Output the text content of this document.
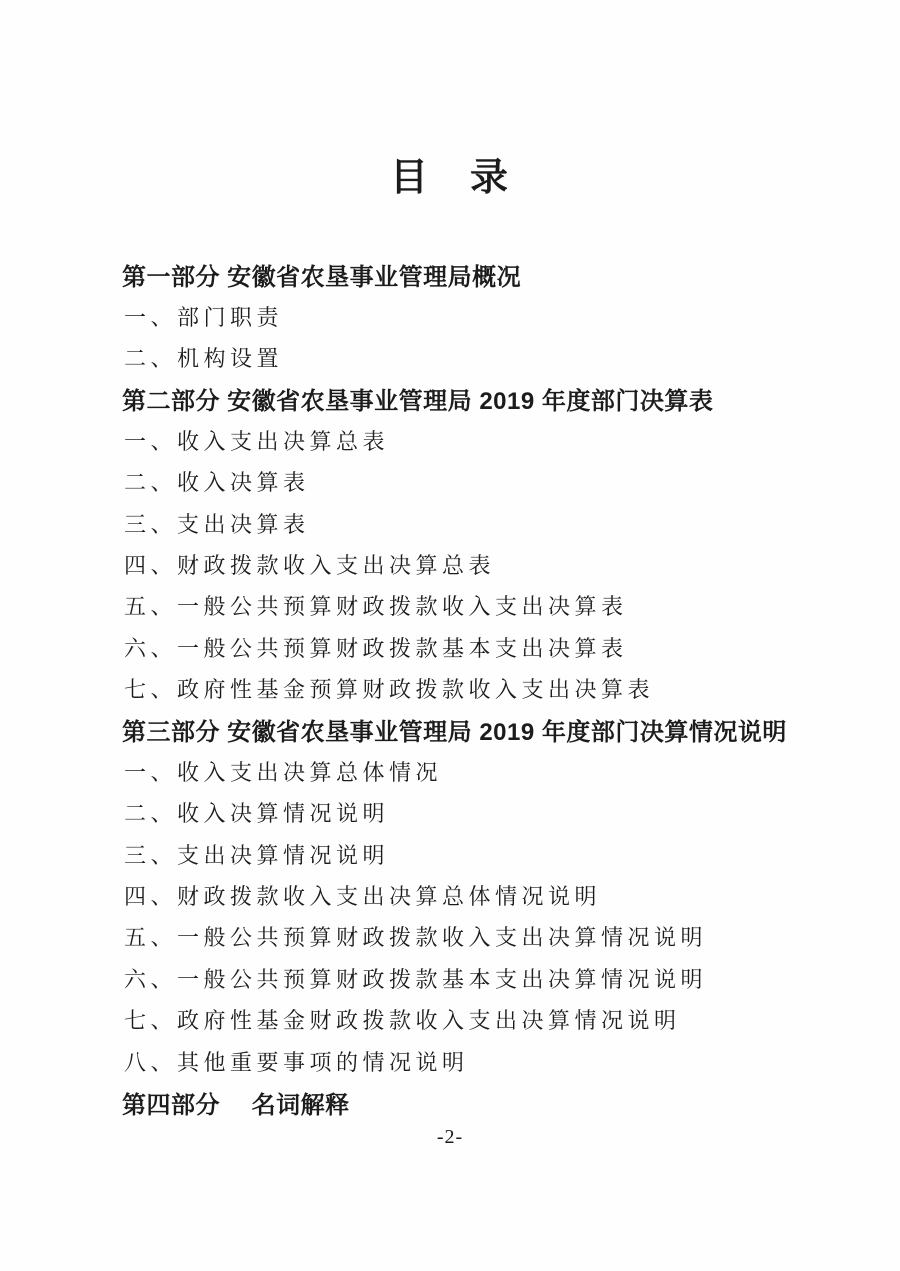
目　录
第一部分 安徽省农垦事业管理局概况
一、部门职责
二、机构设置
第二部分 安徽省农垦事业管理局 2019 年度部门决算表
一、收入支出决算总表
二、收入决算表
三、支出决算表
四、财政拨款收入支出决算总表
五、一般公共预算财政拨款收入支出决算表
六、一般公共预算财政拨款基本支出决算表
七、政府性基金预算财政拨款收入支出决算表
第三部分 安徽省农垦事业管理局 2019 年度部门决算情况说明
一、收入支出决算总体情况
二、收入决算情况说明
三、支出决算情况说明
四、财政拨款收入支出决算总体情况说明
五、一般公共预算财政拨款收入支出决算情况说明
六、一般公共预算财政拨款基本支出决算情况说明
七、政府性基金财政拨款收入支出决算情况说明
八、其他重要事项的情况说明
第四部分　 名词解释
-2-
